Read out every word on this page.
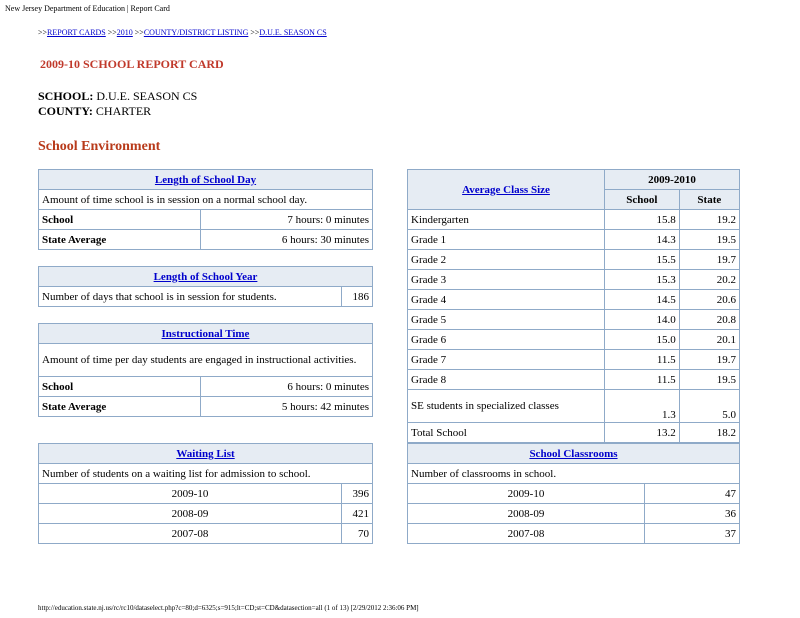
New Jersey Department of Education | Report Card
>>REPORT CARDS >>2010 >>COUNTY/DISTRICT LISTING >>D.U.E. SEASON CS
2009-10 SCHOOL REPORT CARD
SCHOOL: D.U.E. SEASON CS
COUNTY: CHARTER
School Environment
Length of School Day	
Amount of time school is in session on a normal school day.	
School	7 hours: 0 minutes
State Average	6 hours: 30 minutes
Length of School Year
Number of days that school is in session for students.	186
Instructional Time	
Amount of time per day students are engaged in instructional activities.	
School	6 hours: 0 minutes
State Average	5 hours: 42 minutes
Average Class Size	2009-2010	
	School	State
Kindergarten	15.8	19.2
Grade 1	14.3	19.5
Grade 2	15.5	19.7
Grade 3	15.3	20.2
Grade 4	14.5	20.6
Grade 5	14.0	20.8
Grade 6	15.0	20.1
Grade 7	11.5	19.7
Grade 8	11.5	19.5
SE students in specialized classes	1.3	5.0
Total School	13.2	18.2
Waiting List	
Number of students on a waiting list for admission to school.	
2009-10	396
2008-09	421
2007-08	70
School Classrooms	
Number of classrooms in school.	
2009-10	47
2008-09	36
2007-08	37
http://education.state.nj.us/rc/rc10/dataselect.php?c=80;d=6325;s=915;lt=CD;st=CD&datasection=all (1 of 13) [2/29/2012 2:36:06 PM]
